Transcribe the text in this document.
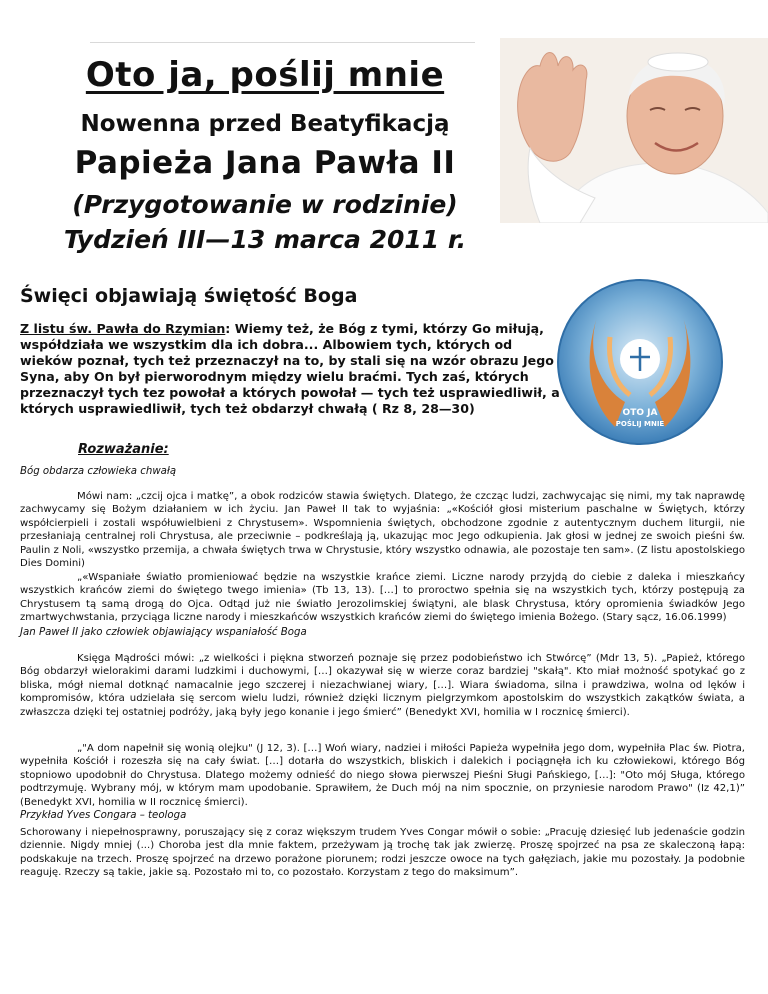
Oto ja, poślij mnie
Nowenna przed Beatyfikacją
Papieża Jana Pawła II
(Przygotowanie w rodzinie)
Tydzień III—13 marca 2011 r.
Święci objawiają świętość Boga
OTO JA
POŚLIJ MNIE
Z listu św. Pawła do Rzymian: Wiemy też, że Bóg z tymi, którzy Go miłują, współdziała we wszystkim dla ich dobra... Albowiem tych, których od wieków poznał, tych też przeznaczył na to, by stali się na wzór obrazu Jego Syna, aby On był pierworodnym między wielu braćmi. Tych zaś, których przeznaczył tych tez powołał a których powołał — tych też usprawiedliwił, a których usprawiedliwił, tych też obdarzył chwałą ( Rz 8, 28—30)
Rozważanie:
Bóg obdarza człowieka chwałą
Mówi nam: „czcij ojca i matkę”, a obok rodziców stawia świętych. Dlatego, że czcząc ludzi, zachwycając się nimi, my tak naprawdę zachwycamy się Bożym działaniem w ich życiu. Jan Paweł II tak to wyjaśnia: „«Kościół głosi misterium paschalne w Świętych, którzy współcierpieli i zostali współuwielbieni z Chrystusem». Wspomnienia świętych, obchodzone zgodnie z autentycznym duchem liturgii, nie przesłaniają centralnej roli Chrystusa, ale przeciwnie – podkreślają ją, ukazując moc Jego odkupienia. Jak głosi w jednej ze swoich pieśni św. Paulin z Noli, «wszystko przemija, a chwała świętych trwa w Chrystusie, który wszystko odnawia, ale pozostaje ten sam». (Z listu apostolskiego Dies Domini)
„«Wspaniałe światło promieniować będzie na wszystkie krańce ziemi. Liczne narody przyjdą do ciebie z daleka i mieszkańcy wszystkich krańców ziemi do świętego twego imienia» (Tb 13, 13). […] to proroctwo spełnia się na wszystkich tych, którzy postępują za Chrystusem tą samą drogą do Ojca. Odtąd już nie światło Jerozolimskiej świątyni, ale blask Chrystusa, który opromienia świadków Jego zmartwychwstania, przyciąga liczne narody i mieszkańców wszystkich krańców ziemi do świętego imienia Bożego. (Stary sącz, 16.06.1999)
Jan Paweł II jako człowiek objawiający wspaniałość Boga
Księga Mądrości mówi: „z wielkości i piękna stworzeń poznaje się przez podobieństwo ich Stwórcę” (Mdr 13, 5). „Papież, którego Bóg obdarzył wielorakimi darami ludzkimi i duchowymi, […] okazywał się w wierze coraz bardziej "skałą". Kto miał możność spotykać go z bliska, mógł niemal dotknąć namacalnie jego szczerej i niezachwianej wiary, […]. Wiara świadoma, silna i prawdziwa, wolna od lęków i kompromisów, która udzielała się sercom wielu ludzi, również dzięki licznym pielgrzymkom apostolskim do wszystkich zakątków świata, a zwłaszcza dzięki tej ostatniej podróży, jaką były jego konanie i jego śmierć” (Benedykt XVI, homilia w I rocznicę śmierci).
„"A dom napełnił się wonią olejku" (J 12, 3). […] Woń wiary, nadziei i miłości Papieża wypełniła jego dom, wypełniła Plac św. Piotra, wypełniła Kościół i rozeszła się na cały świat. […] dotarła do wszystkich, bliskich i dalekich i pociągnęła ich ku człowiekowi, którego Bóg stopniowo upodobnił do Chrystusa. Dlatego możemy odnieść do niego słowa pierwszej Pieśni Sługi Pańskiego, […]: "Oto mój Sługa, którego podtrzymuję. Wybrany mój, w którym mam upodobanie. Sprawiłem, że Duch mój na nim spocznie, on przyniesie narodom Prawo" (Iz 42,1)” (Benedykt XVI, homilia w II rocznicę śmierci).
Przykład Yves Congara – teologa
Schorowany i niepełnosprawny, poruszający się z coraz większym trudem Yves Congar mówił o sobie: „Pracuję dziesięć lub jedenaście godzin dziennie. Nigdy mniej (...) Choroba jest dla mnie faktem, przeżywam ją trochę tak jak zwierzę. Proszę spojrzeć na psa ze skaleczoną łapą: podskakuje na trzech. Proszę spojrzeć na drzewo porażone piorunem; rodzi jeszcze owoce na tych gałęziach, jakie mu pozostały. Ja podobnie reaguję. Rzeczy są takie, jakie są. Pozostało mi to, co pozostało. Korzystam z tego do maksimum”.
